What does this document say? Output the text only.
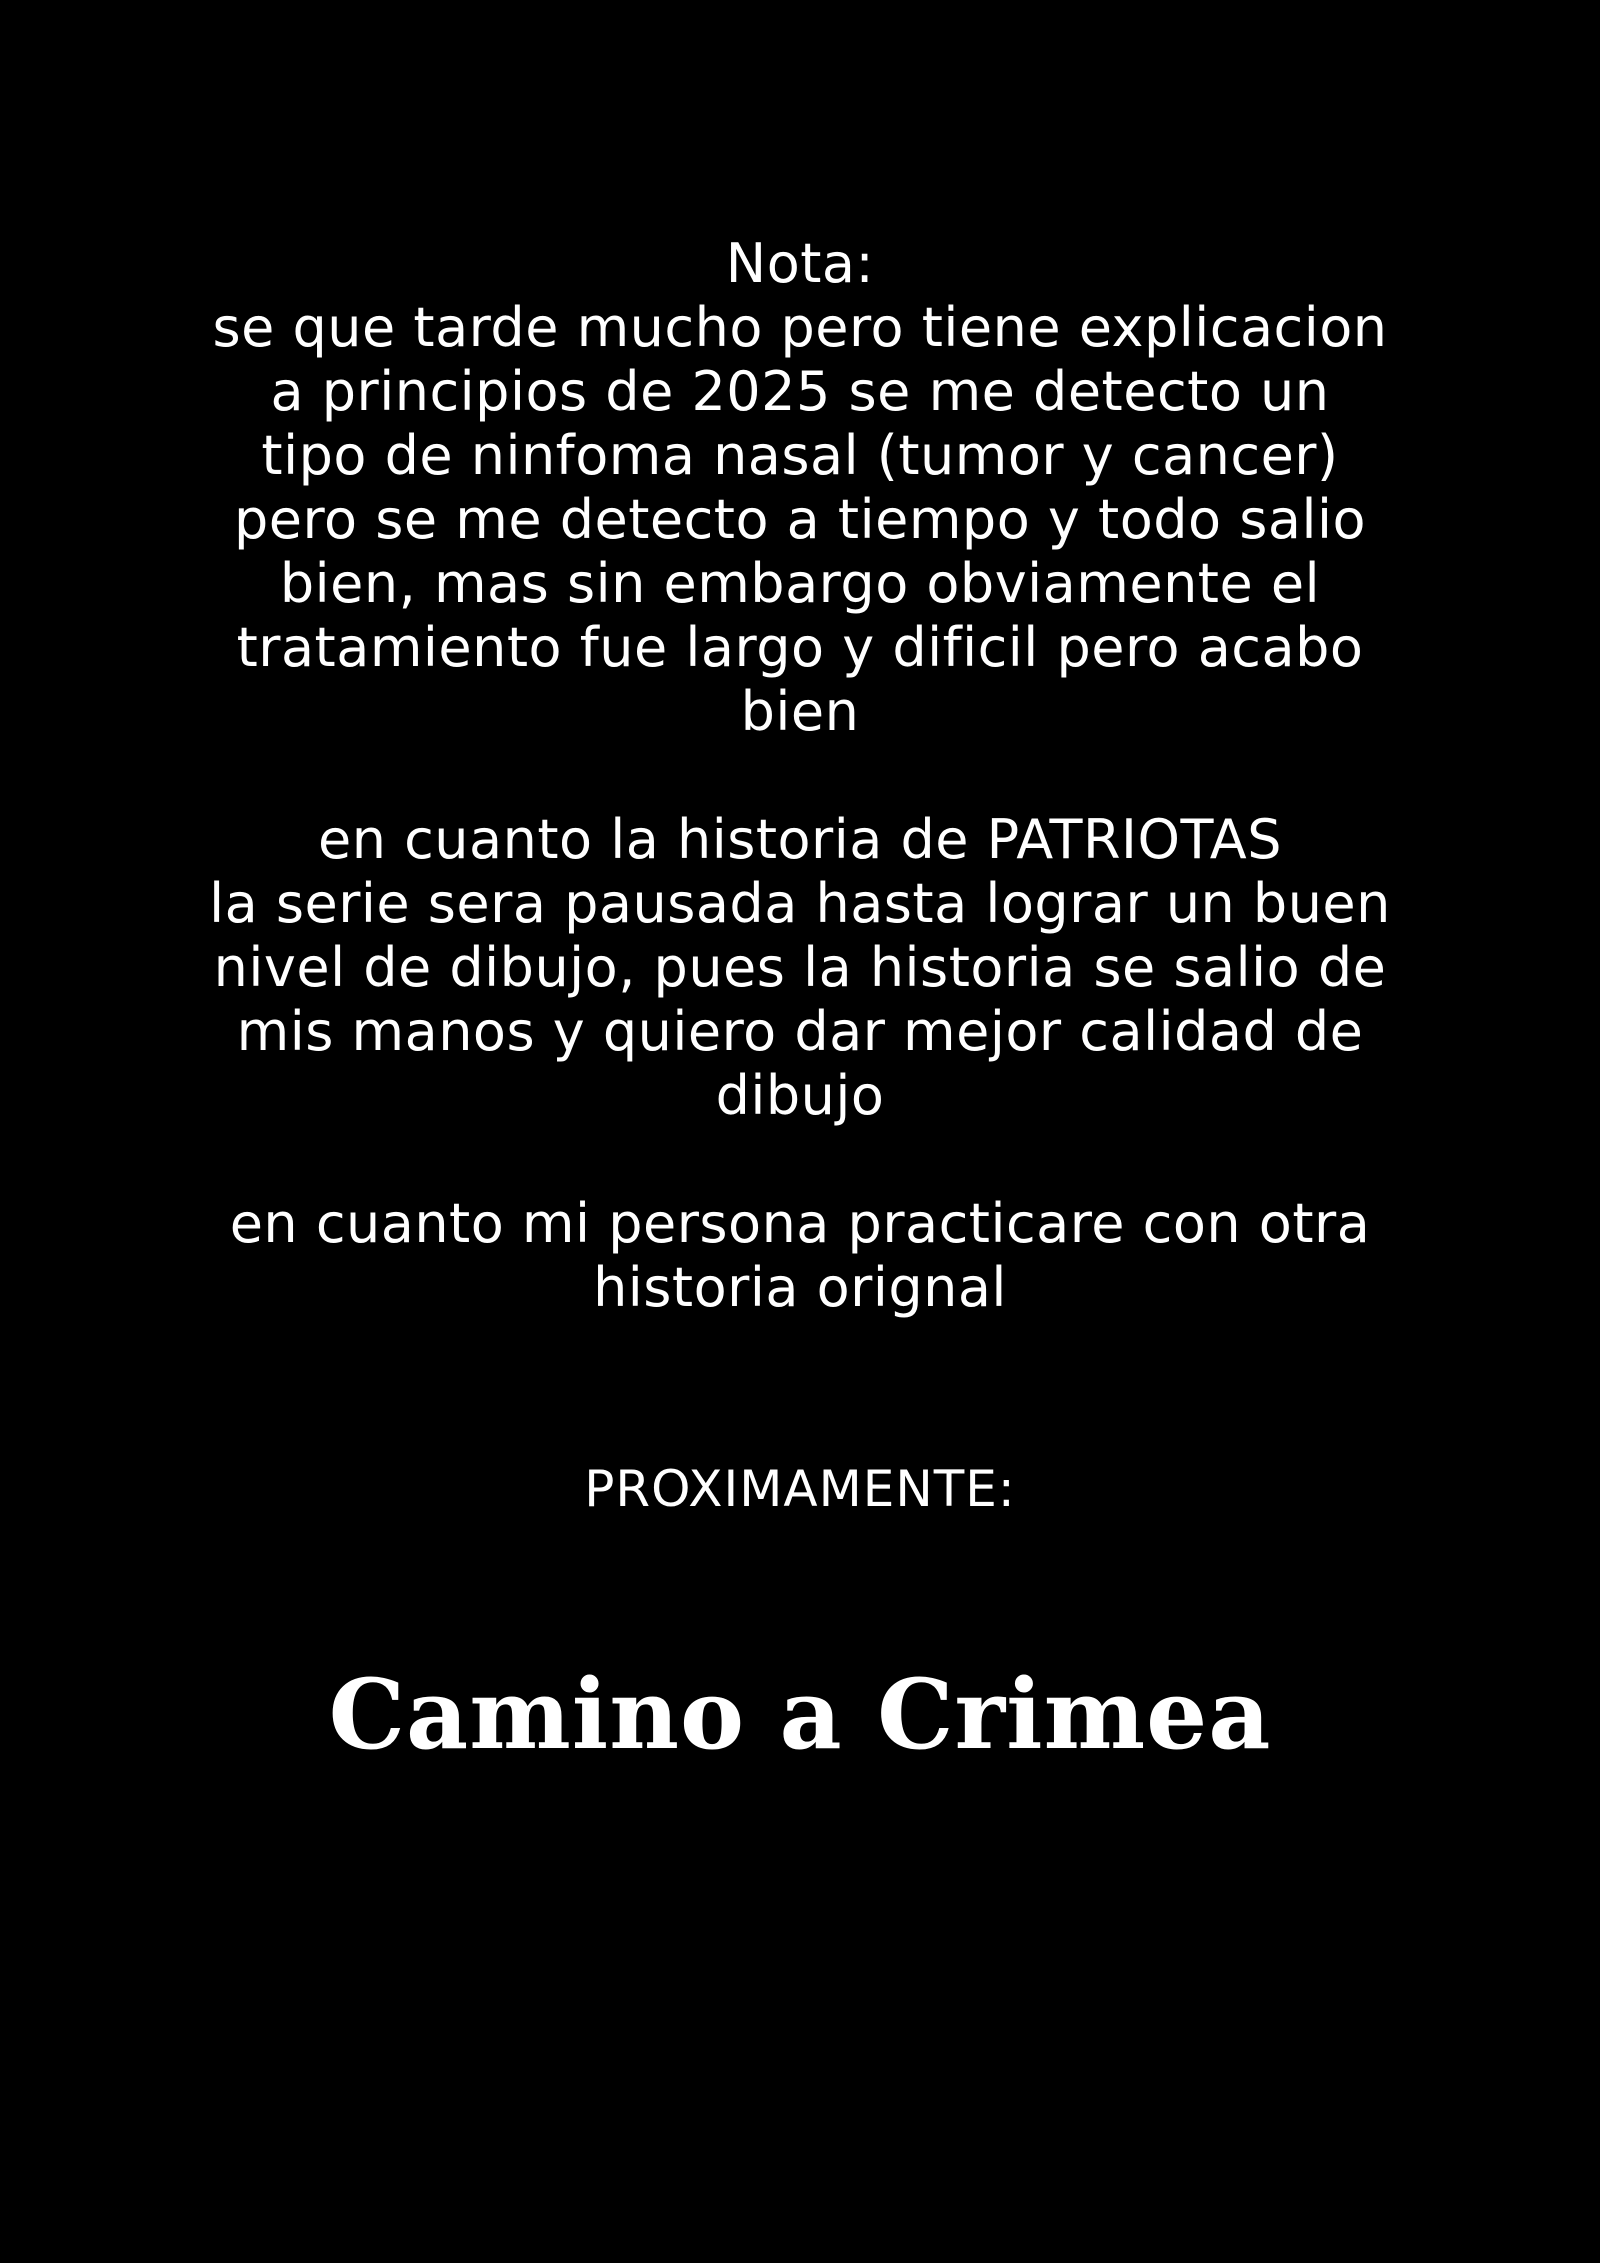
Nota:
se que tarde mucho pero tiene explicacion
a principios de 2025 se me detecto un
tipo de ninfoma nasal (tumor y cancer)
pero se me detecto a tiempo y todo salio
bien, mas sin embargo obviamente el
tratamiento fue largo y dificil pero acabo
bien
en cuanto la historia de PATRIOTAS
la serie sera pausada hasta lograr un buen
nivel de dibujo, pues la historia se salio de
mis manos y quiero dar mejor calidad de
dibujo
en cuanto mi persona practicare con otra
historia orignal
PROXIMAMENTE:
Camino a Crimea
